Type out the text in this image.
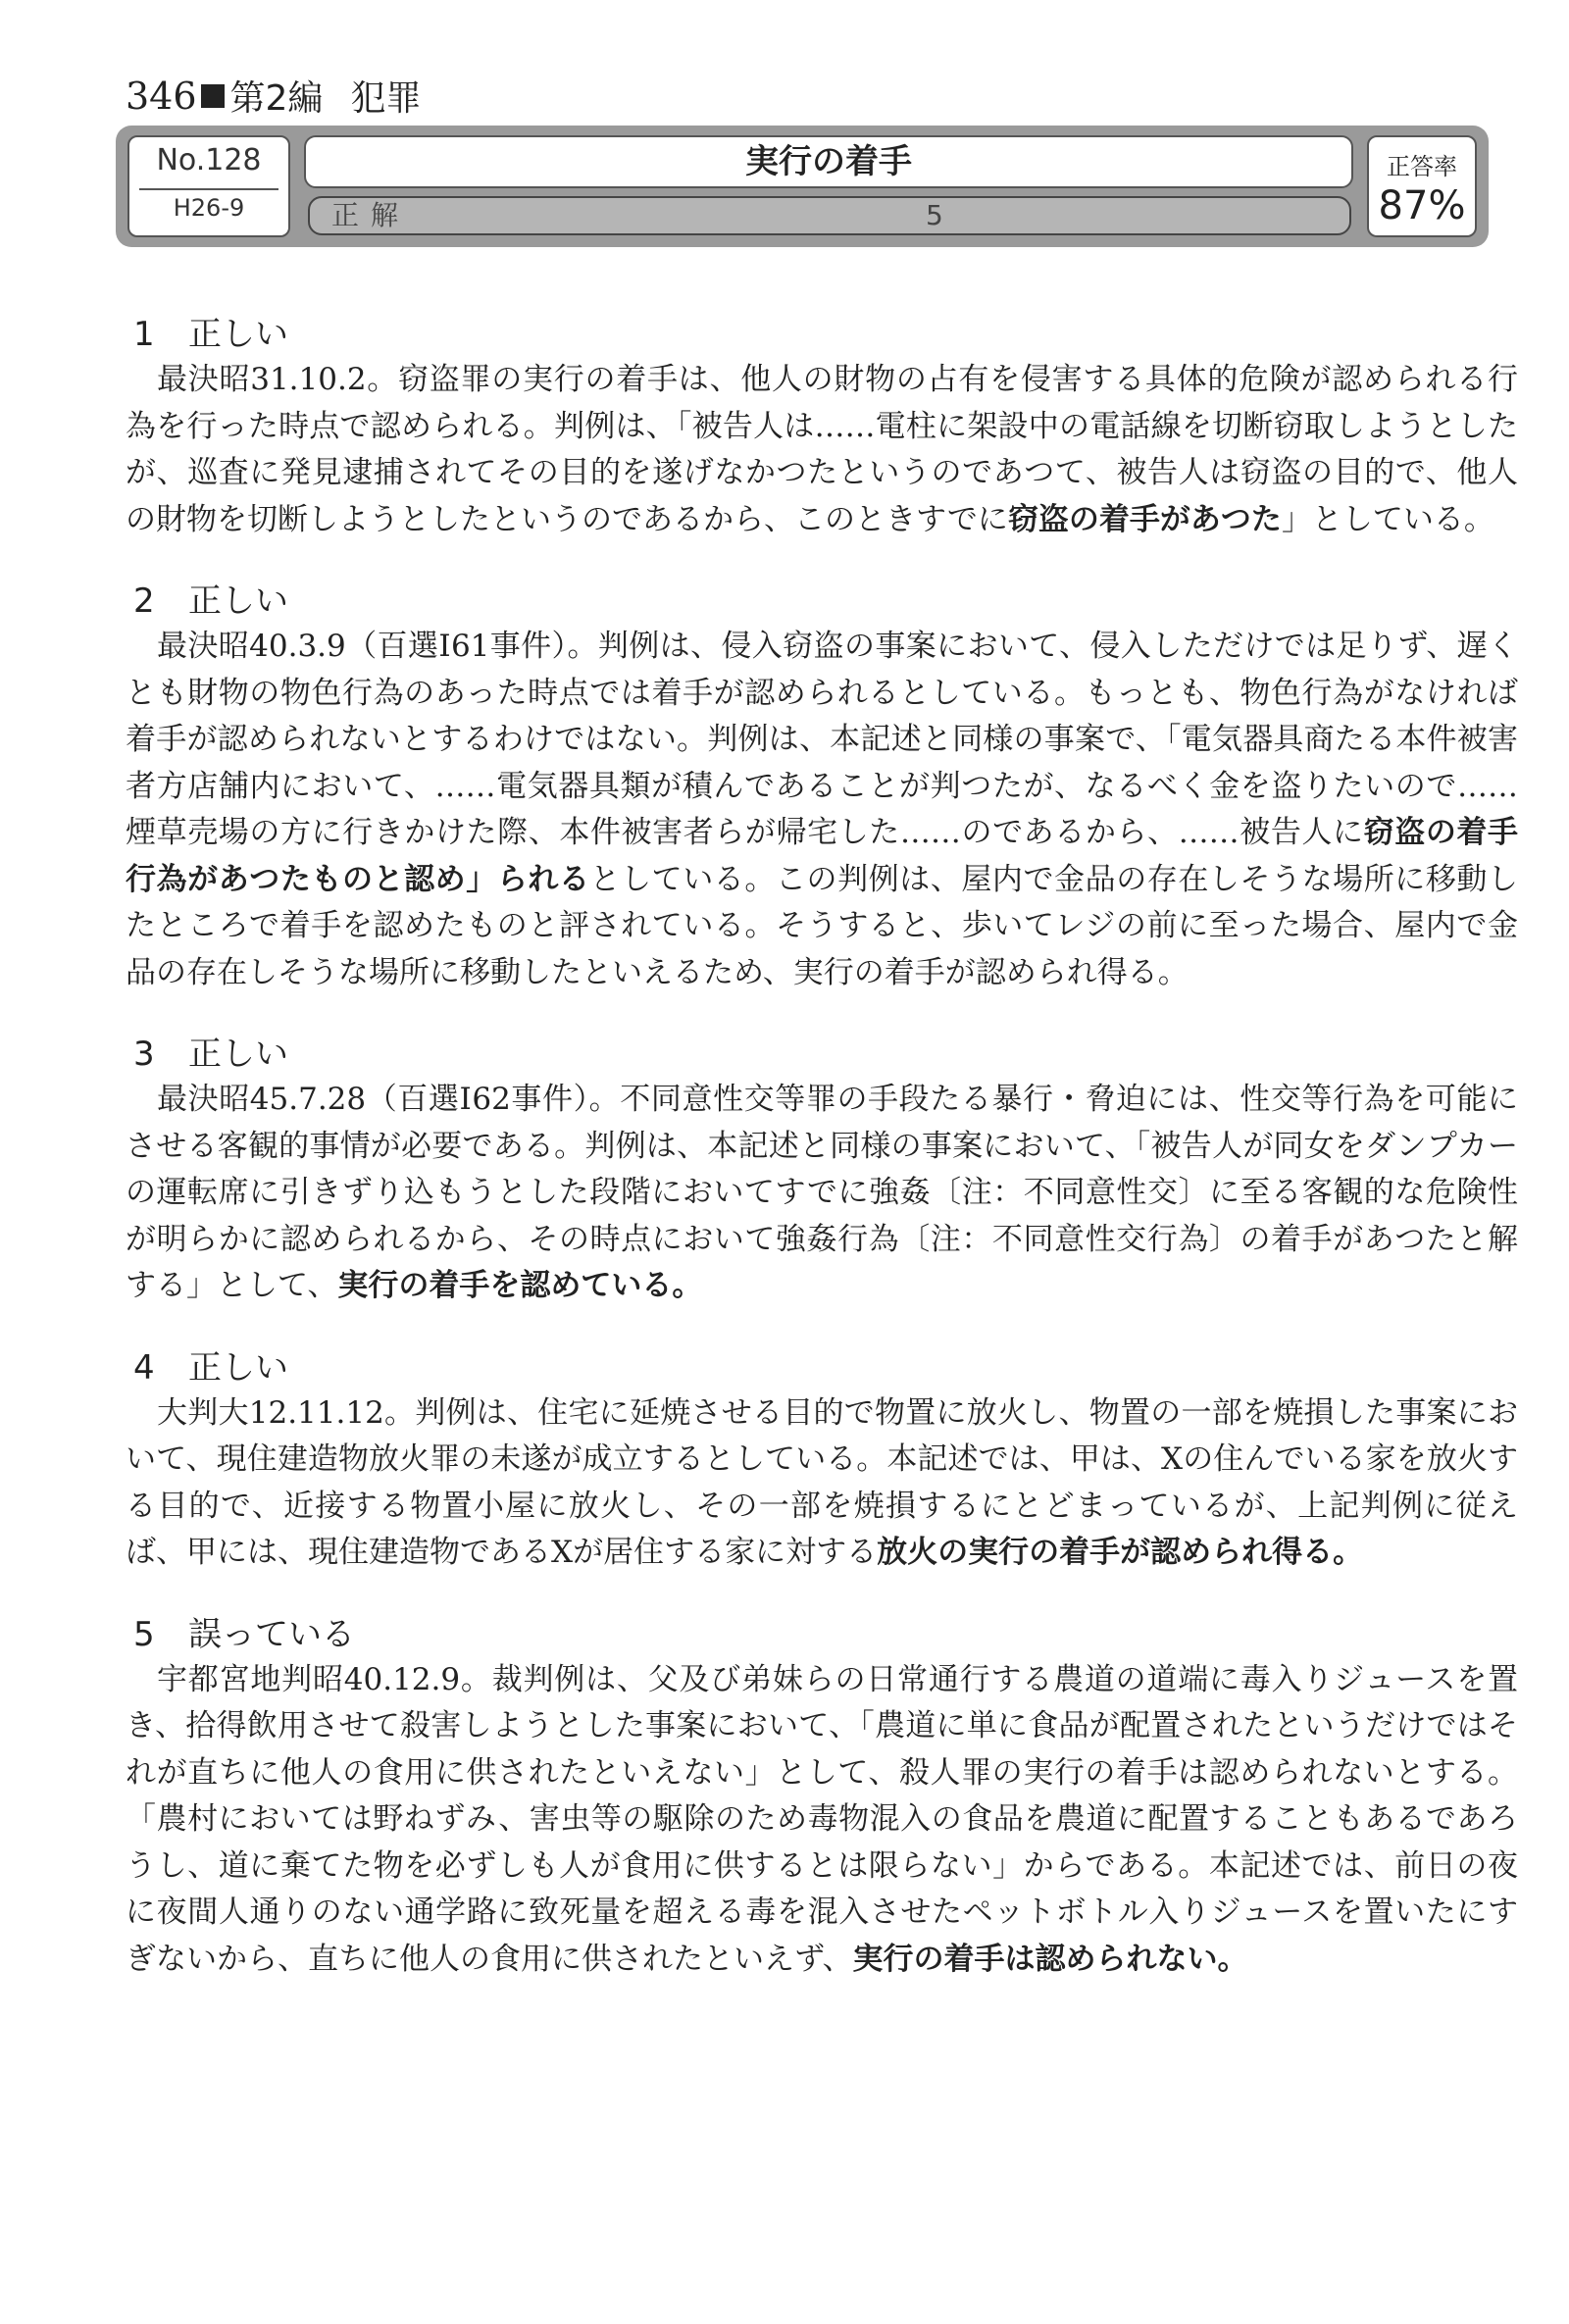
346 第2編 犯罪
No.128
H26-9
実行の着手
正解	5
正答率
87%
1 正しい

最決昭31.10.2。窃盗罪の実行の着手は、他人の財物の占有を侵害する具体的危険が認められる行為を行った時点で認められる。判例は、「被告人は……電柱に架設中の電話線を切断窃取しようとしたが、巡査に発見逮捕されてその目的を遂げなかつたというのであつて、被告人は窃盗の目的で、他人の財物を切断しようとしたというのであるから、このときすでに窃盗の着手があつた」としている。

2 正しい

最決昭40.3.9（百選Ⅰ61事件）。判例は、侵入窃盗の事案において、侵入しただけでは足りず、遅くとも財物の物色行為のあった時点では着手が認められるとしている。もっとも、物色行為がなければ着手が認められないとするわけではない。判例は、本記述と同様の事案で、「電気器具商たる本件被害者方店舗内において、……電気器具類が積んであることが判つたが、なるべく金を盗りたいので……煙草売場の方に行きかけた際、本件被害者らが帰宅した……のであるから、……被告人に窃盗の着手行為があつたものと認め」られるとしている。この判例は、屋内で金品の存在しそうな場所に移動したところで着手を認めたものと評されている。そうすると、歩いてレジの前に至った場合、屋内で金品の存在しそうな場所に移動したといえるため、実行の着手が認められ得る。

3 正しい

最決昭45.7.28（百選Ⅰ62事件）。不同意性交等罪の手段たる暴行・脅迫には、性交等行為を可能にさせる客観的事情が必要である。判例は、本記述と同様の事案において、「被告人が同女をダンプカーの運転席に引きずり込もうとした段階においてすでに強姦〔注：不同意性交〕に至る客観的な危険性が明らかに認められるから、その時点において強姦行為〔注：不同意性交行為〕の着手があつたと解する」として、実行の着手を認めている。

4 正しい

大判大12.11.12。判例は、住宅に延焼させる目的で物置に放火し、物置の一部を焼損した事案において、現住建造物放火罪の未遂が成立するとしている。本記述では、甲は、Xの住んでいる家を放火する目的で、近接する物置小屋に放火し、その一部を焼損するにとどまっているが、上記判例に従えば、甲には、現住建造物であるXが居住する家に対する放火の実行の着手が認められ得る。

5 誤っている

宇都宮地判昭40.12.9。裁判例は、父及び弟妹らの日常通行する農道の道端に毒入りジュースを置き、拾得飲用させて殺害しようとした事案において、「農道に単に食品が配置されたというだけではそれが直ちに他人の食用に供されたといえない」として、殺人罪の実行の着手は認められないとする。「農村においては野ねずみ、害虫等の駆除のため毒物混入の食品を農道に配置することもあるであろうし、道に棄てた物を必ずしも人が食用に供するとは限らない」からである。本記述では、前日の夜に夜間人通りのない通学路に致死量を超える毒を混入させたペットボトル入りジュースを置いたにすぎないから、直ちに他人の食用に供されたといえず、実行の着手は認められない。
